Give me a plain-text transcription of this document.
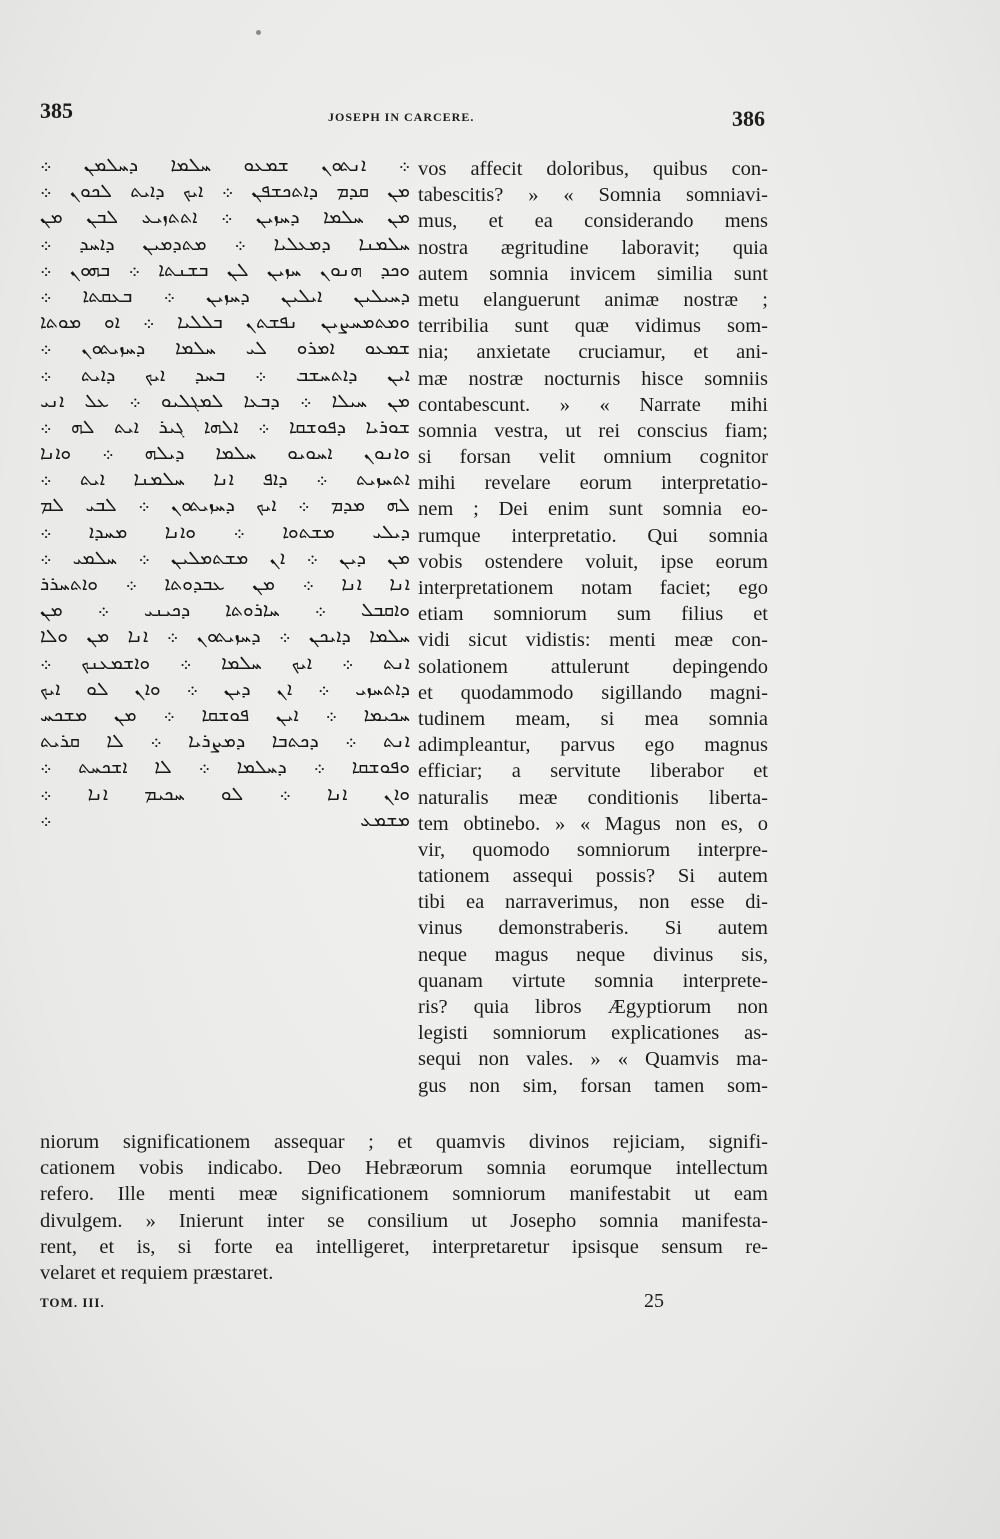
385	JOSEPH IN CARCERE.	386
܀ ܐܢܬܘܢ ܫܡܥܘ ܚܠܡܐ ܕܚܠܡܢ ܀
ܡܢ ܩܕܡ ܕܐܬܟܫܦܢ ܀ ܐܝܟ ܕܐܝܬ ܠܟܘܢ ܀
ܡܢ ܚܠܡܐ ܕܚܙܝܢ ܀ ܐܬܬܙܝܥ ܠܒܢ ܡܢ
ܚܠܡܢܐ ܕܡܥܠܝܐ ܀ ܡܬܕܡܝܢ ܕܐܚܕ ܀
ܘܟܕ ܗܢܘܢ ܚܙܝܢ ܠܢ ܒܫܢܬܐ ܀ ܒܗܘܢ ܀
ܕܚܝܠܝܢ ܐܝܠܝܢ ܕܚܙܝܢ ܀ ܒܥܩܬܐ ܀
ܘܡܬܡܚܨܝܢ ܢܦܫܬܢ ܒܠܠܝܐ ܀ ܐܘ ܡܘܬܐ
ܫܡܥܘ ܐܡܪܘ ܠܝ ܚܠܡܐ ܕܚܙܝܬܘܢ ܀
ܐܝܢ ܕܐܬܚܫܒ ܀ ܒܚܕ ܐܝܟ ܕܐܝܬ ܀
ܡܢ ܚܝܠܐ ܀ ܕܒܥܐ ܠܡܓܠܝܘ ܀ ܥܠ ܐܢܝ
ܫܘܪܝܐ ܕܦܘܫܩܐ ܀ ܐܠܗܐ ܓܝܪ ܐܝܬ ܠܗ ܀
ܘܐܢܘܢ ܐܚܘܝܘ ܚܠܡܐ ܕܝܠܗ ܀ ܘܐܢܐ
ܐܬܚܙܝܬ ܀ ܕܐܦ ܐܢܐ ܚܠܡܢܐ ܐܝܬ ܀
ܠܗ ܡܕܡ ܀ ܐܝܟ ܕܚܙܝܬܘܢ ܀ ܠܒܝ ܠܡ
ܕܝܠܝ ܡܫܬܘܐ ܀ ܘܐܢܐ ܡܚܕܐ ܀
ܡܢ ܕܝܢ ܀ ܐܢ ܡܫܬܡܠܝܢ ܀ ܚܠܡܝ ܀
ܐܢܐ ܐܢܐ ܀ ܡܢ ܥܒܕܘܬܐ ܀ ܘܐܬܚܪܪ
ܘܐܩܒܠ ܀ ܚܐܪܘܬܐ ܕܟܝܢܝ ܀ ܡܢ
ܚܠܡܐ ܕܐܝܟܢ ܀ ܕܚܙܝܬܘܢ ܀ ܐܢܐ ܡܢ ܘܠܐ
ܐܢܬ ܀ ܐܝܟ ܚܠܡܐ ܀ ܘܐܫܡܥܢܟ ܀
ܕܐܬܚܙܝ ܀ ܐܢ ܕܝܢ ܀ ܘܐܢ ܠܘ ܐܝܟ
ܚܟܝܡܐ ܀ ܐܝܢ ܦܘܫܩܐ ܀ ܡܢ ܡܫܟܚ
ܐܢܬ ܀ ܕܟܬܒܐ ܕܡܨܪܝܐ ܀ ܠܐ ܩܪܝܬ
ܘܦܘܫܩܐ ܀ ܕܚܠܡܐ ܀ ܠܐ ܐܫܟܚܬ ܀
ܘܐܢ ܐܢܐ ܀ ܠܘ ܚܟܝܡ ܐܢܐ ܀
ܡܫܡܥ ܀
vos affecit doloribus, quibus con-
tabescitis? » « Somnia somniavi-
mus, et ea considerando mens
nostra ægritudine laboravit; quia
autem somnia invicem similia sunt
metu elanguerunt animæ nostræ ;
terribilia sunt quæ vidimus som-
nia; anxietate cruciamur, et ani-
mæ nostræ nocturnis hisce somniis
contabescunt. » « Narrate mihi
somnia vestra, ut rei conscius fiam;
si forsan velit omnium cognitor
mihi revelare eorum interpretatio-
nem ; Dei enim sunt somnia eo-
rumque interpretatio. Qui somnia
vobis ostendere voluit, ipse eorum
interpretationem notam faciet; ego
etiam somniorum sum filius et
vidi sicut vidistis: menti meæ con-
solationem attulerunt depingendo
et quodammodo sigillando magni-
tudinem meam, si mea somnia
adimpleantur, parvus ego magnus
efficiar; a servitute liberabor et
naturalis meæ conditionis liberta-
tem obtinebo. » « Magus non es, o
vir, quomodo somniorum interpre-
tationem assequi possis? Si autem
tibi ea narraverimus, non esse di-
vinus demonstraberis. Si autem
neque magus neque divinus sis,
quanam virtute somnia interprete-
ris? quia libros Ægyptiorum non
legisti somniorum explicationes as-
sequi non vales. » « Quamvis ma-
gus non sim, forsan tamen som-
niorum significationem assequar ; et quamvis divinos rejiciam, signifi-
cationem vobis indicabo. Deo Hebræorum somnia eorumque intellectum
refero. Ille menti meæ significationem somniorum manifestabit ut eam
divulgem. » Inierunt inter se consilium ut Josepho somnia manifesta-
rent, et is, si forte ea intelligeret, interpretaretur ipsisque sensum re-
velaret et requiem præstaret.
TOM. III.	25
